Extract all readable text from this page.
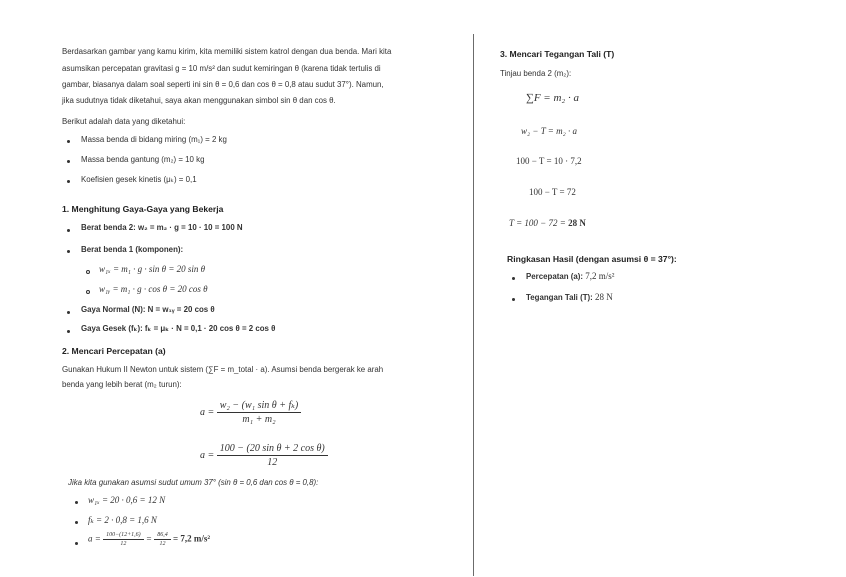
Berdasarkan gambar yang kamu kirim, kita memiliki sistem katrol dengan dua benda. Mari kita
asumsikan percepatan gravitasi g = 10 m/s² dan sudut kemiringan θ (karena tidak tertulis di
gambar, biasanya dalam soal seperti ini sin θ = 0,6 dan cos θ = 0,8 atau sudut 37°). Namun,
jika sudutnya tidak diketahui, saya akan menggunakan simbol sin θ dan cos θ.
Berikut adalah data yang diketahui:
Massa benda di bidang miring (m₁) = 2 kg
Massa benda gantung (m₂) = 10 kg
Koefisien gesek kinetis (μₖ) = 0,1
1. Menghitung Gaya-Gaya yang Bekerja
Berat benda 2: w₂ = m₂ · g = 10 · 10 = 100 N
Berat benda 1 (komponen):
w₁ₓ = m₁ · g · sin θ = 20 sin θ
w₁ᵧ = m₁ · g · cos θ = 20 cos θ
Gaya Normal (N): N = w₁ᵧ = 20 cos θ
Gaya Gesek (fₖ): fₖ = μₖ · N = 0,1 · 20 cos θ = 2 cos θ
2. Mencari Percepatan (a)
Gunakan Hukum II Newton untuk sistem (∑F = m_total · a). Asumsi benda bergerak ke arah
benda yang lebih berat (m₂ turun):
$a = \frac{\text{w₂ − (w₁ sin θ + fₖ)}}{\text{m₁ + m₂}}$
$a = \frac{\text{100 − (20 sin θ + 2 cos θ)}}{12}$
Jika kita gunakan asumsi sudut umum 37° (sin θ = 0,6 dan cos θ = 0,8):
w₁ₓ = 20 · 0,6 = 12 N
fₖ = 2 · 0,8 = 1,6 N
$a = \frac{100-(12+1,6)}{12} = \frac{86,4}{12} = 7,2$ m/s²
3. Mencari Tegangan Tali (T)
Tinjau benda 2 (m₂):
∑F = m₂ · a
w₂ − T = m₂ · a
100 − T = 10 · 7,2
100 − T = 72
T = 100 − 72 = 28 N
Ringkasan Hasil (dengan asumsi θ = 37°):
Percepatan (a): 7,2 m/s²
Tegangan Tali (T): 28 N
